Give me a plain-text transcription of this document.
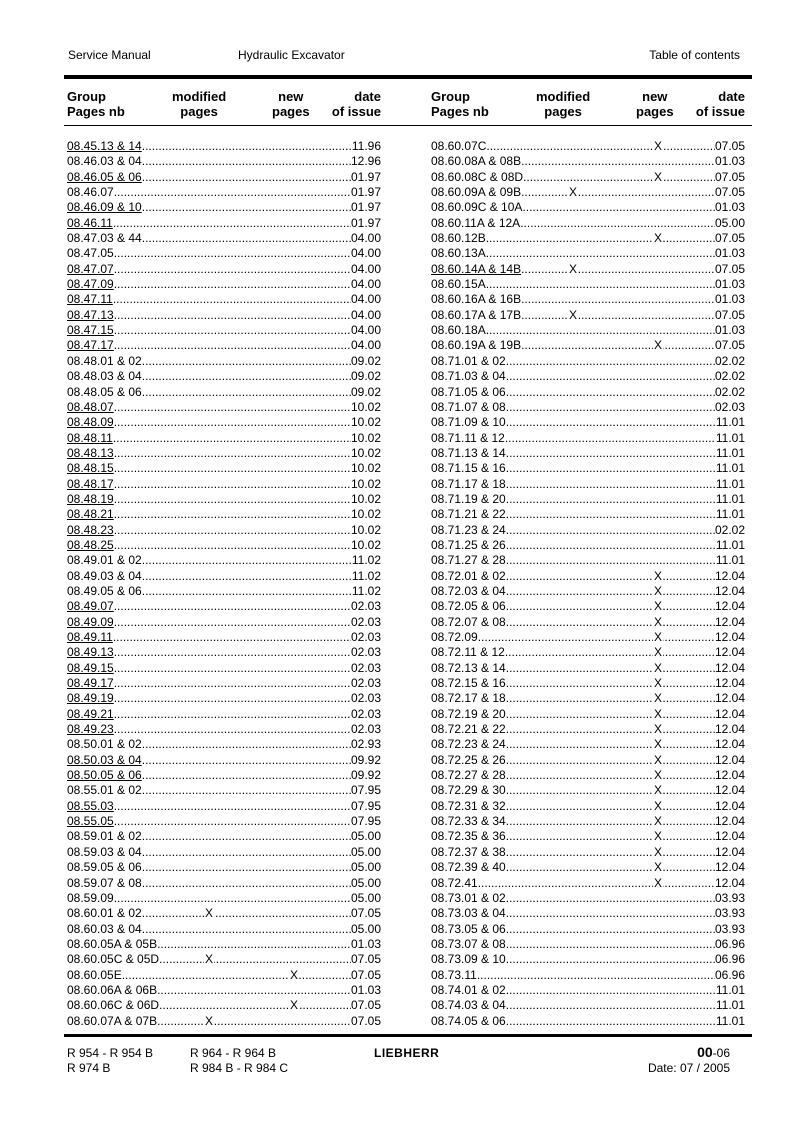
Service Manual	Hydraulic Excavator	Table of contents
Group
Pages nb
modified
pages
new
pages
date
of issue
08.45.13 & 14 .....	11.96
08.46.03 & 04 .....	12.96
08.46.05 & 06 .....	01.97
08.46.07 .....	01.97
08.46.09 & 10 .....	01.97
08.46.11 .....	01.97
08.47.03 & 44 .....	04.00
08.47.05 .....	04.00
08.47.07 .....	04.00
08.47.09 .....	04.00
08.47.11 .....	04.00
08.47.13 .....	04.00
08.47.15 .....	04.00
08.47.17 .....	04.00
08.48.01 & 02 .....	09.02
08.48.03 & 04 .....	09.02
08.48.05 & 06 .....	09.02
08.48.07 .....	10.02
08.48.09 .....	10.02
08.48.11 .....	10.02
08.48.13 .....	10.02
08.48.15 .....	10.02
08.48.17 .....	10.02
08.48.19 .....	10.02
08.48.21 .....	10.02
08.48.23 .....	10.02
08.48.25 .....	10.02
08.49.01 & 02 .....	11.02
08.49.03 & 04 .....	11.02
08.49.05 & 06 .....	11.02
08.49.07 .....	02.03
08.49.09 .....	02.03
08.49.11 .....	02.03
08.49.13 .....	02.03
08.49.15 .....	02.03
08.49.17 .....	02.03
08.49.19 .....	02.03
08.49.21 .....	02.03
08.49.23 .....	02.03
08.50.01 & 02 .....	02.93
08.50.03 & 04 .....	09.92
08.50.05 & 06 .....	09.92
08.55.01 & 02 .....	07.95
08.55.03 .....	07.95
08.55.05 .....	07.95
08.59.01 & 02 .....	05.00
08.59.03 & 04 .....	05.00
08.59.05 & 06 .....	05.00
08.59.07 & 08 .....	05.00
08.59.09 .....	05.00
08.60.01 & 02	..... X	07.05
08.60.03 & 04 .....	05.00
08.60.05A & 05B .....	01.03
08.60.05C & 05D	..... X	07.05
08.60.05E	..... X	07.05
08.60.06A & 06B .....	01.03
08.60.06C & 06D	..... X	07.05
08.60.07A & 07B	..... X	07.05
Group
Pages nb
modified
pages
new
pages
date
of issue
08.60.07C	..... X	07.05
08.60.08A & 08B .....	01.03
08.60.08C & 08D	..... X	07.05
08.60.09A & 09B	..... X	07.05
08.60.09C & 10A .....	01.03
08.60.11A & 12A .....	05.00
08.60.12B	..... X	07.05
08.60.13A .....	01.03
08.60.14A & 14B	..... X	07.05
08.60.15A .....	01.03
08.60.16A & 16B .....	01.03
08.60.17A & 17B	..... X	07.05
08.60.18A .....	01.03
08.60.19A & 19B	..... X	07.05
08.71.01 & 02 .....	02.02
08.71.03 & 04 .....	02.02
08.71.05 & 06 .....	02.02
08.71.07 & 08 .....	02.03
08.71.09 & 10 .....	11.01
08.71.11 & 12 .....	11.01
08.71.13 & 14 .....	11.01
08.71.15 & 16 .....	11.01
08.71.17 & 18 .....	11.01
08.71.19 & 20 .....	11.01
08.71.21 & 22 .....	11.01
08.71.23 & 24 .....	02.02
08.71.25 & 26 .....	11.01
08.71.27 & 28 .....	11.01
08.72.01 & 02	..... X	12.04
08.72.03 & 04	..... X	12.04
08.72.05 & 06	..... X	12.04
08.72.07 & 08	..... X	12.04
08.72.09	..... X	12.04
08.72.11 & 12	..... X	12.04
08.72.13 & 14	..... X	12.04
08.72.15 & 16	..... X	12.04
08.72.17 & 18	..... X	12.04
08.72.19 & 20	..... X	12.04
08.72.21 & 22	..... X	12.04
08.72.23 & 24	..... X	12.04
08.72.25 & 26	..... X	12.04
08.72.27 & 28	..... X	12.04
08.72.29 & 30	..... X	12.04
08.72.31 & 32	..... X	12.04
08.72.33 & 34	..... X	12.04
08.72.35 & 36	..... X	12.04
08.72.37 & 38	..... X	12.04
08.72.39 & 40	..... X	12.04
08.72.41	..... X	12.04
08.73.01 & 02 .....	03.93
08.73.03 & 04 .....	03.93
08.73.05 & 06 .....	03.93
08.73.07 & 08 .....	06.96
08.73.09 & 10 .....	06.96
08.73.11 .....	06.96
08.74.01 & 02 .....	11.01
08.74.03 & 04 .....	11.01
08.74.05 & 06 .....	11.01
R 954 - R 954 B
R 974 B
R 964 - R 964 B
R 984 B - R 984 C
LIEBHERR	00-06
Date: 07 / 2005
